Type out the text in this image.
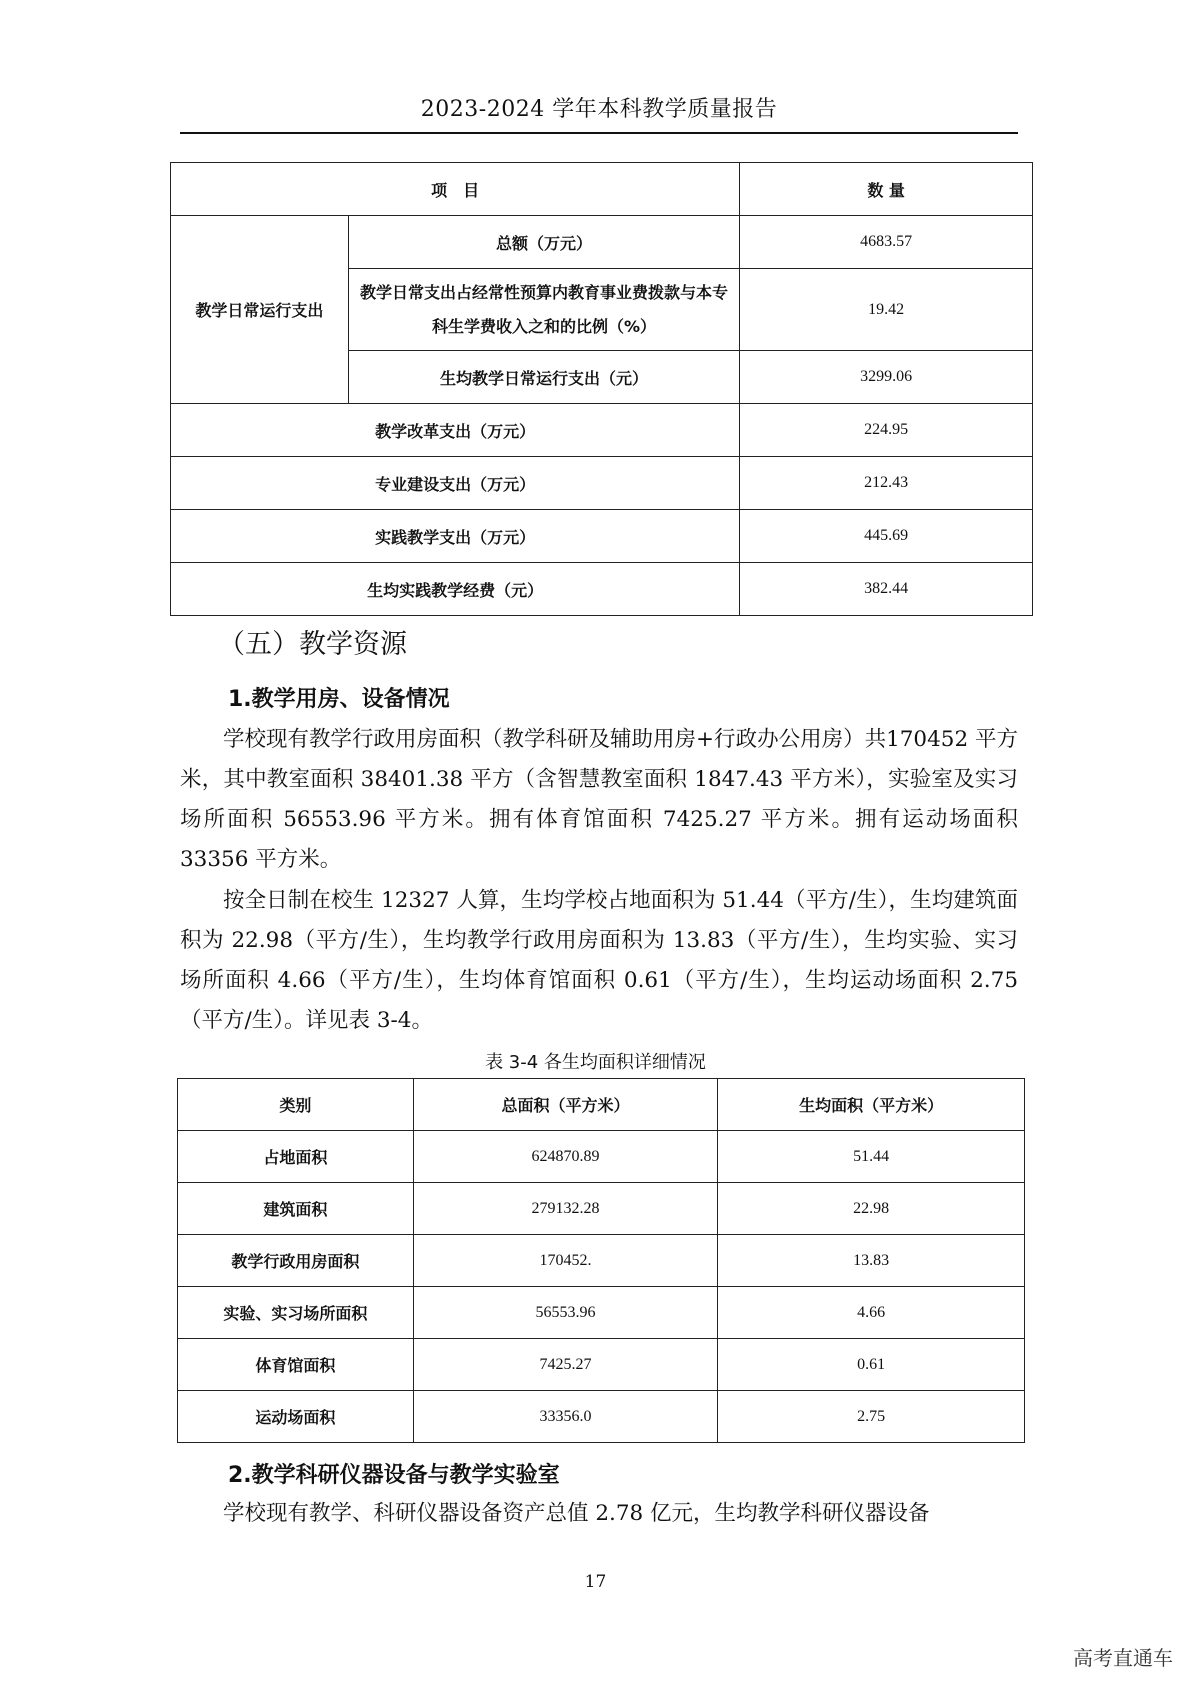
2023-2024 学年本科教学质量报告
项　目		数 量
教学日常运行支出	总额（万元）	4683.57

	教学日常支出占经常性预算内教育事业费拨款与本专科生学费收入之和的比例（%）	19.42
	生均教学日常运行支出（元）	3299.06
教学改革支出（万元）		224.95
专业建设支出（万元）		212.43
实践教学支出（万元）		445.69
生均实践教学经费（元）		382.44
（五）教学资源
1.教学用房、设备情况

学校现有教学行政用房面积（教学科研及辅助用房+行政办公用房）共170452 平方米，其中教室面积 38401.38 平方（含智慧教室面积 1847.43 平方米），实验室及实习场所面积 56553.96 平方米。拥有体育馆面积 7425.27 平方米。拥有运动场面积 33356 平方米。

按全日制在校生 12327 人算，生均学校占地面积为 51.44（平方/生），生均建筑面积为 22.98（平方/生），生均教学行政用房面积为 13.83（平方/生），生均实验、实习场所面积 4.66（平方/生），生均体育馆面积 0.61（平方/生），生均运动场面积 2.75（平方/生）。详见表 3-4。

表 3-4 各生均面积详细情况

类别	总面积（平方米）	生均面积（平方米）
占地面积	624870.89	51.44
建筑面积	279132.28	22.98
教学行政用房面积	170452.	13.83
实验、实习场所面积	56553.96	4.66
体育馆面积	7425.27	0.61
运动场面积	33356.0	2.75
2.教学科研仪器设备与教学实验室

学校现有教学、科研仪器设备资产总值 2.78 亿元，生均教学科研仪器设备

17
高考直通车
